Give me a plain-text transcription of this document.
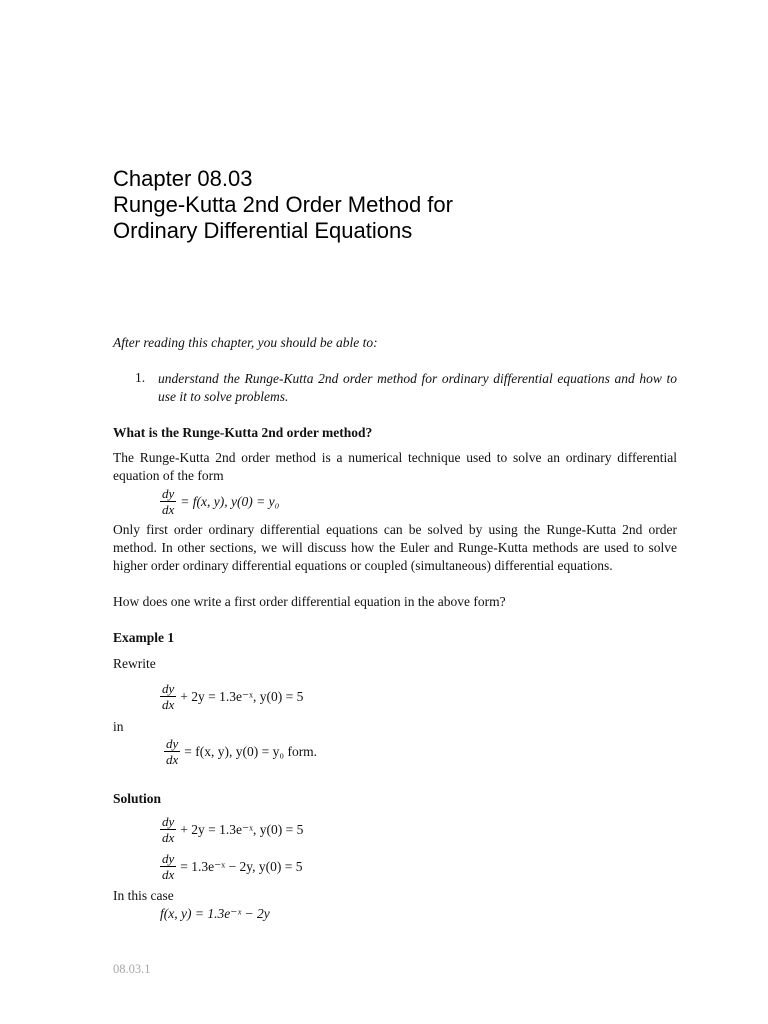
Chapter 08.03
Runge-Kutta 2nd Order Method for
Ordinary Differential Equations
After reading this chapter, you should be able to:
1. understand the Runge-Kutta 2nd order method for ordinary differential equations and how to use it to solve problems.
What is the Runge-Kutta 2nd order method?
The Runge-Kutta 2nd order method is a numerical technique used to solve an ordinary differential equation of the form
$\frac{dy}{dx} = f(x$, y), y(0) = y₀
Only first order ordinary differential equations can be solved by using the Runge-Kutta 2nd order method. In other sections, we will discuss how the Euler and Runge-Kutta methods are used to solve higher order ordinary differential equations or coupled (simultaneous) differential equations.
How does one write a first order differential equation in the above form?
Example 1
Rewrite
$\frac{dy}{dx} + 2y$ = 1.3e⁻ˣ, y(0) = 5
in
$\frac{dy}{dx} = f(x$, y), y(0) = y₀ form.
Solution
$\frac{dy}{dx} + 2y$ = 1.3e⁻ˣ, y(0) = 5
$\frac{dy}{dx}$ = 1.3e⁻ˣ − 2y, y(0) = 5
In this case
f(x, y) = 1.3e⁻ˣ − 2y
08.03.1
